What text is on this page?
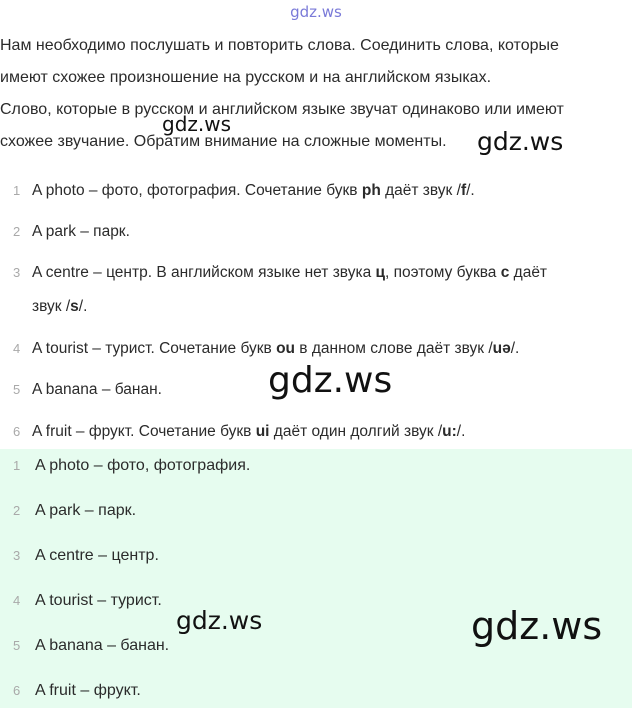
gdz.ws

Нам необходимо послушать и повторить слова. Соединить слова, которые

имеют схожее произношение на русском и на английском языках.

Слово, которые в русском и английском языке звучат одинаково или имеют

схожее звучание. Обратим внимание на сложные моменты.

1 A photo – фото, фотография. Сочетание букв ph даёт звук /f/.
2 A park – парк.
3 A centre – центр. В английском языке нет звука ц, поэтому буква c даёт
звук /s/.
4 A tourist – турист. Сочетание букв ou в данном слове даёт звук /uə/.
5 A banana – банан.
6 A fruit – фрукт. Сочетание букв ui даёт один долгий звук /u:/.
1 A photo – фото, фотография.
2 A park – парк.
3 A centre – центр.
4 A tourist – турист.
5 A banana – банан.
6 A fruit – фрукт.
gdz.ws
gdz.ws
gdz.ws
gdz.ws	gdz.ws
